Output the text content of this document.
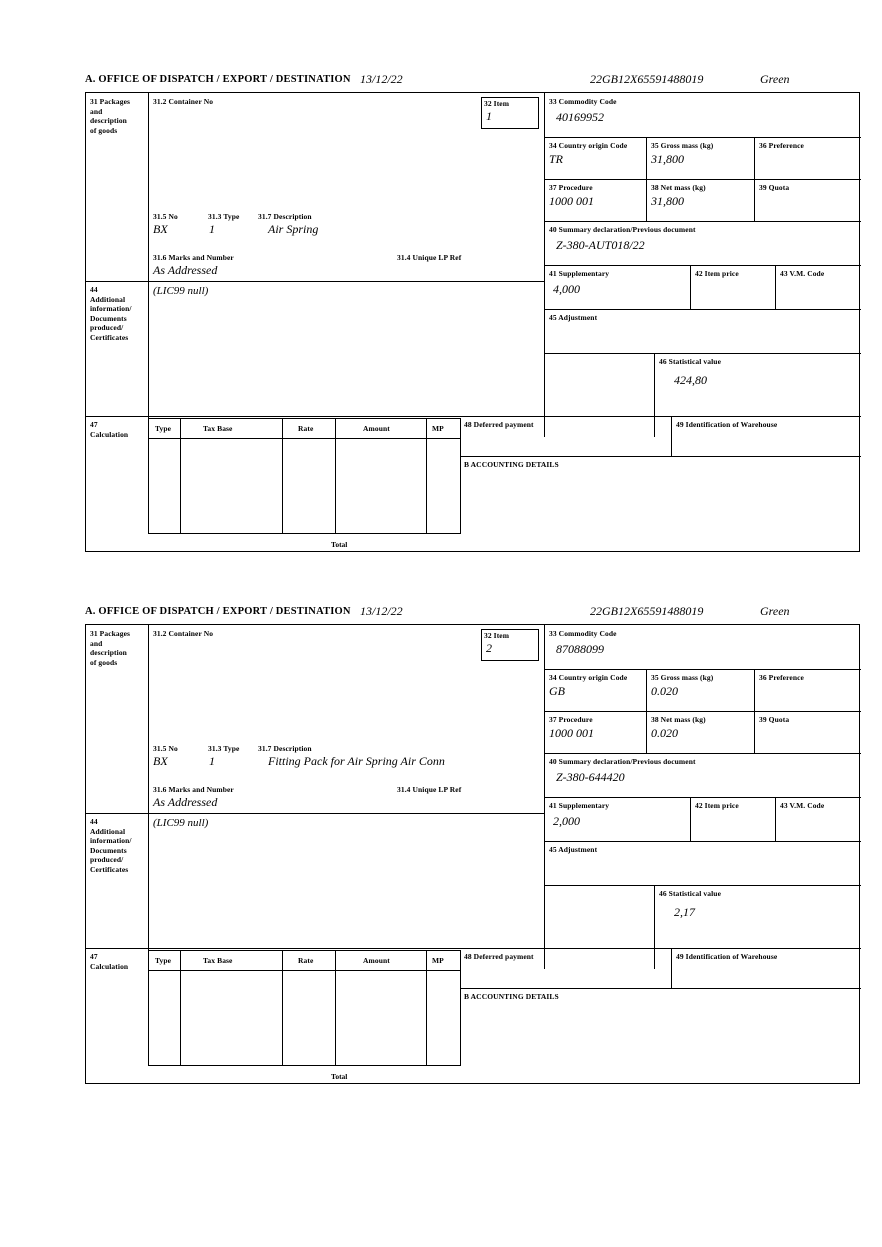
A. OFFICE OF DISPATCH / EXPORT / DESTINATION 13/12/22	22GB12X65591488019	Green
31 Packages
and
description
of goods
31.2 Container No	32 Item
1
31.5 No	31.3 Type 31.7 Description
BX	1	Air Spring
31.6 Marks and Number	31.4 Unique LP Ref
As Addressed
44
Additional
information/
Documents
produced/
Certificates
(LIC99 null)
33 Commodity Code
40169952
34 Country origin Code
TR
35 Gross mass (kg)
31,800
36 Preference
37 Procedure
1000 001
38 Net mass (kg)
31,800
39 Quota
40 Summary declaration/Previous document
Z-380-AUT018/22
41 Supplementary
4,000
42 Item price	43 V.M. Code
45 Adjustment
46 Statistical value
424,80
47
Calculation
Type	Tax Base	Rate	Amount	MP
Total
48 Deferred payment	49 Identification of Warehouse
B ACCOUNTING DETAILS
A. OFFICE OF DISPATCH / EXPORT / DESTINATION 13/12/22	22GB12X65591488019	Green
31 Packages
and
description
of goods
31.2 Container No	32 Item
2
31.5 No	31.3 Type 31.7 Description
BX	1	Fitting Pack for Air Spring Air Conn
31.6 Marks and Number	31.4 Unique LP Ref
As Addressed
44
Additional
information/
Documents
produced/
Certificates
(LIC99 null)
33 Commodity Code
87088099
34 Country origin Code
GB
35 Gross mass (kg)
0.020
36 Preference
37 Procedure
1000 001
38 Net mass (kg)
0.020
39 Quota
40 Summary declaration/Previous document
Z-380-644420
41 Supplementary
2,000
42 Item price	43 V.M. Code
45 Adjustment
46 Statistical value
2,17
47
Calculation
Type	Tax Base	Rate	Amount	MP
Total
48 Deferred payment	49 Identification of Warehouse
B ACCOUNTING DETAILS
